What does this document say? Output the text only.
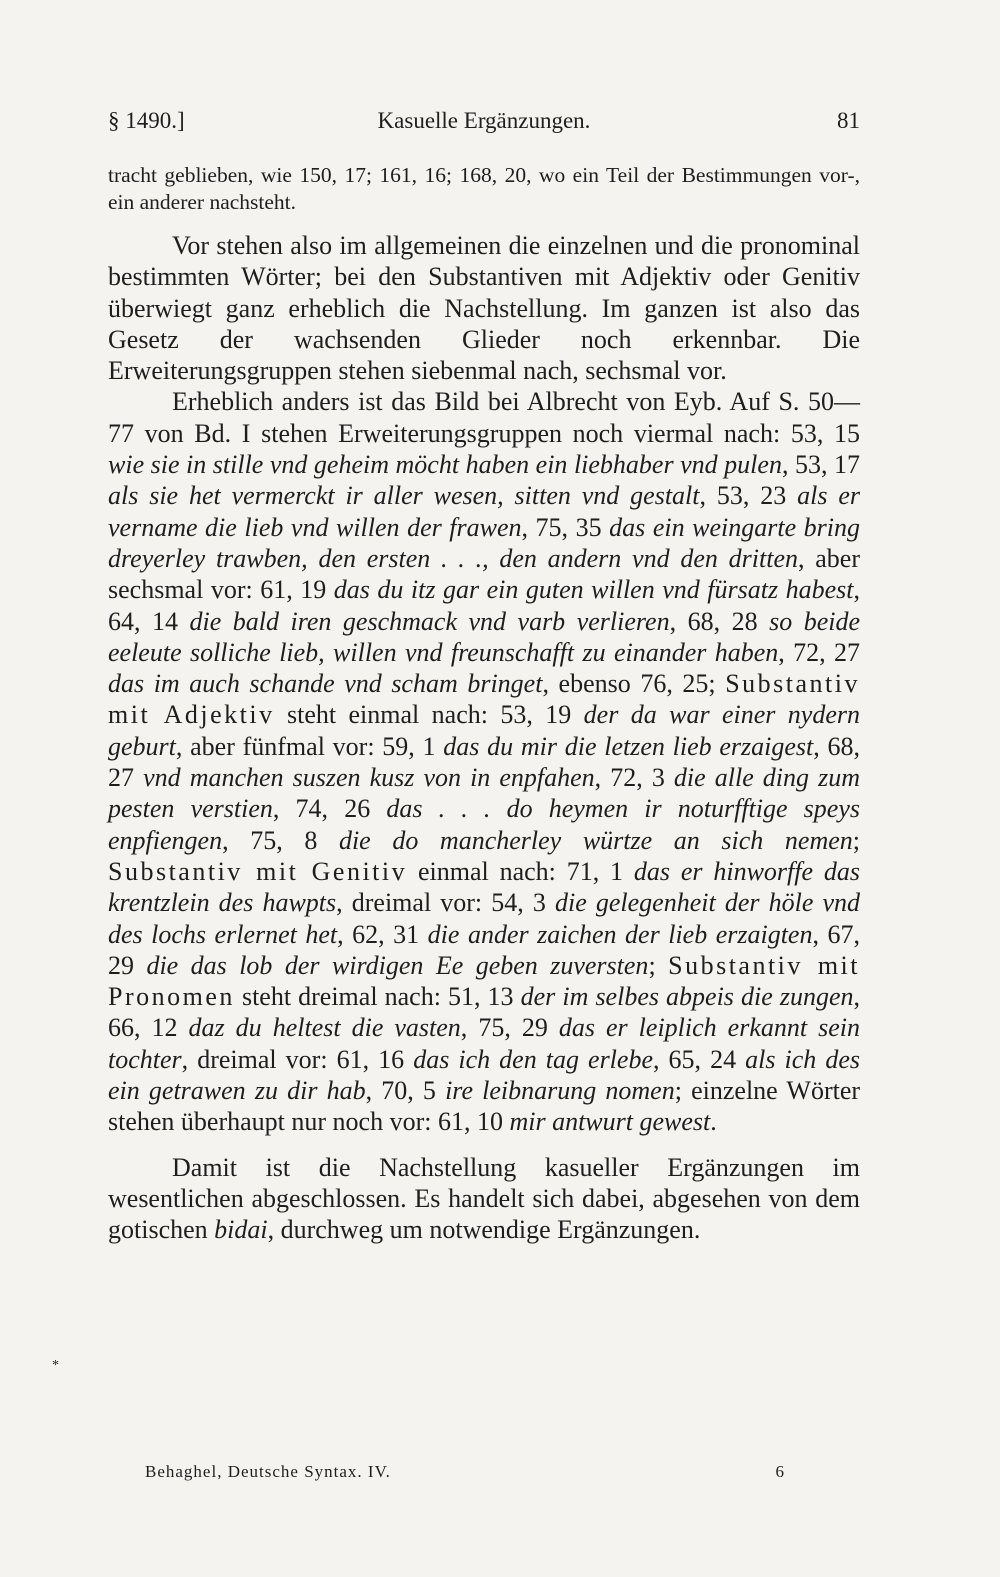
§ 1490.]	Kasuelle Ergänzungen.	81

tracht geblieben, wie 150, 17; 161, 16; 168, 20, wo ein Teil der Bestimmungen vor-, ein anderer nachsteht.

Vor stehen also im allgemeinen die einzelnen und die pronominal bestimmten Wörter; bei den Substantiven mit Adjektiv oder Genitiv überwiegt ganz erheblich die Nachstellung. Im ganzen ist also das Gesetz der wachsenden Glieder noch erkennbar. Die Erweiterungsgruppen stehen siebenmal nach, sechsmal vor.

Erheblich anders ist das Bild bei Albrecht von Eyb. Auf S. 50—77 von Bd. I stehen Erweiterungsgruppen noch viermal nach: 53, 15 wie sie in stille vnd geheim möcht haben ein liebhaber vnd pulen, 53, 17 als sie het vermerckt ir aller wesen, sitten vnd gestalt, 53, 23 als er vername die lieb vnd willen der frawen, 75, 35 das ein weingarte bring dreyerley trawben, den ersten . . ., den andern vnd den dritten, aber sechsmal vor: 61, 19 das du itz gar ein guten willen vnd fürsatz habest, 64, 14 die bald iren geschmack vnd varb verlieren, 68, 28 so beide eeleute solliche lieb, willen vnd freunschafft zu einander haben, 72, 27 das im auch schande vnd scham bringet, ebenso 76, 25; Substantiv mit Adjektiv steht einmal nach: 53, 19 der da war einer nydern geburt, aber fünfmal vor: 59, 1 das du mir die letzen lieb erzaigest, 68, 27 vnd manchen suszen kusz von in enpfahen, 72, 3 die alle ding zum pesten verstien, 74, 26 das . . . do heymen ir noturfftige speys enpfiengen, 75, 8 die do mancherley würtze an sich nemen; Substantiv mit Genitiv einmal nach: 71, 1 das er hinworffe das krentzlein des hawpts, dreimal vor: 54, 3 die gelegenheit der höle vnd des lochs erlernet het, 62, 31 die ander zaichen der lieb erzaigten, 67, 29 die das lob der wirdigen Ee geben zuversten; Substantiv mit Pronomen steht dreimal nach: 51, 13 der im selbes abpeis die zungen, 66, 12 daz du heltest die vasten, 75, 29 das er leiplich erkannt sein tochter, dreimal vor: 61, 16 das ich den tag erlebe, 65, 24 als ich des ein getrawen zu dir hab, 70, 5 ire leibnarung nomen; einzelne Wörter stehen überhaupt nur noch vor: 61, 10 mir antwurt gewest.

Damit ist die Nachstellung kasueller Ergänzungen im wesentlichen abgeschlossen. Es handelt sich dabei, abgesehen von dem gotischen bidai, durchweg um notwendige Ergänzungen.

*
Behaghel, Deutsche Syntax. IV.	6
